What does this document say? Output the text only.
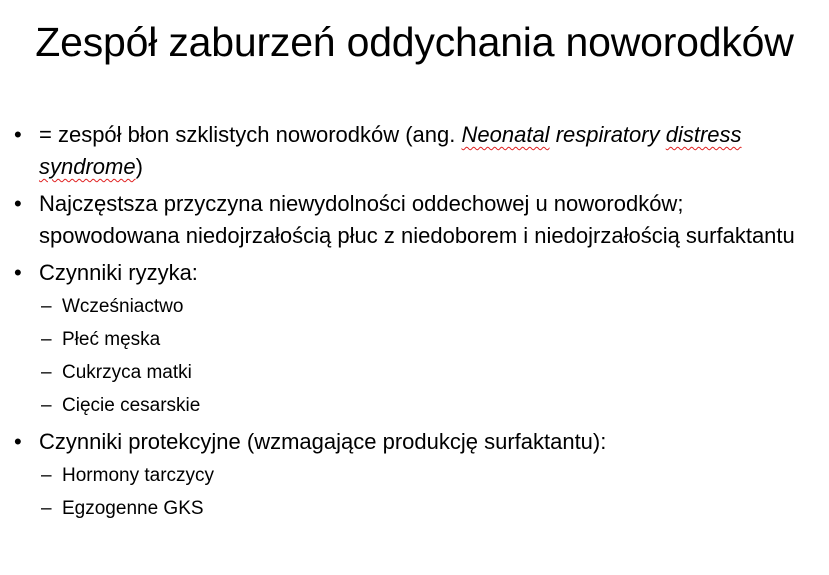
Zespół zaburzeń oddychania noworodków
• = zespół błon szklistych noworodków (ang. Neonatal respiratory distress syndrome)
• Najczęstsza przyczyna niewydolności oddechowej u noworodków; spowodowana niedojrzałością płuc z niedoborem i niedojrzałością surfaktantu
• Czynniki ryzyka:
– Wcześniactwo
– Płeć męska
– Cukrzyca matki
– Cięcie cesarskie
• Czynniki protekcyjne (wzmagające produkcję surfaktantu):
– Hormony tarczycy
– Egzogenne GKS
